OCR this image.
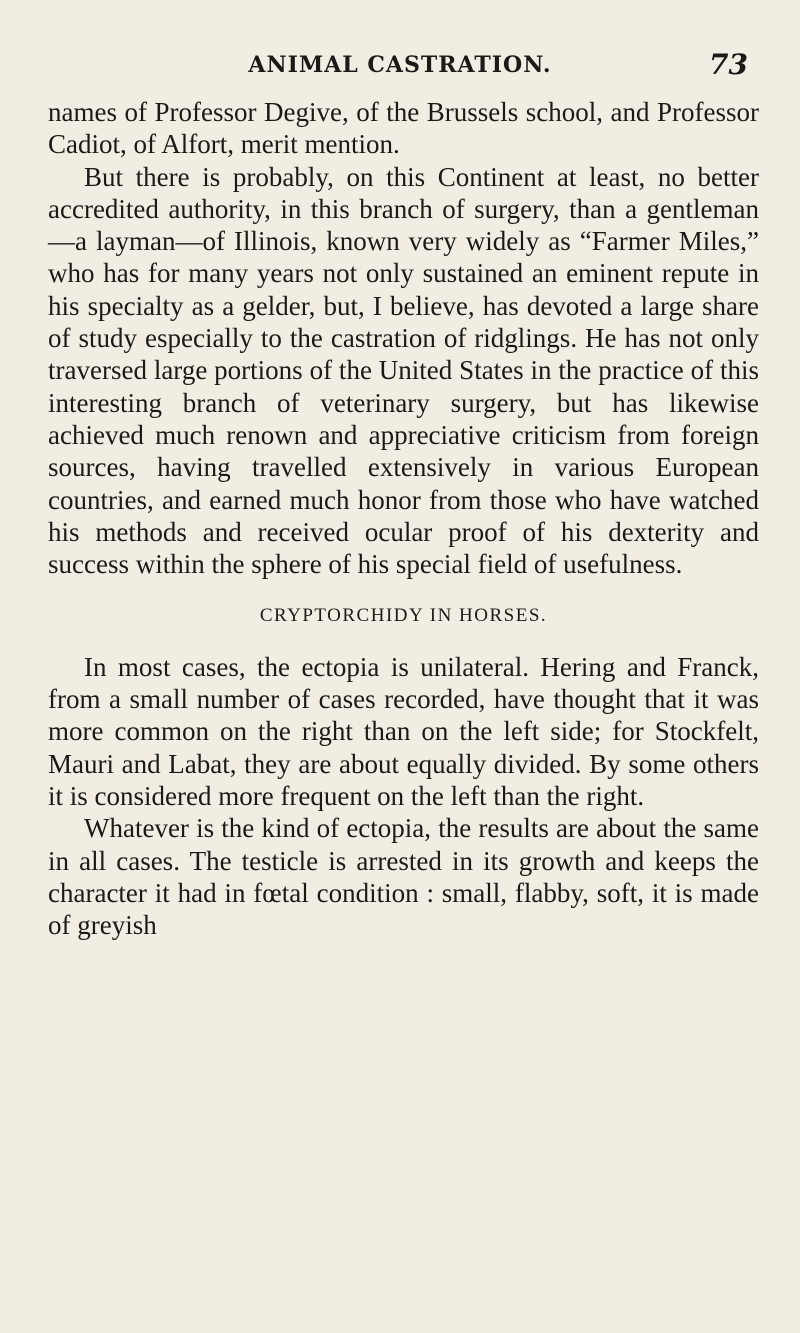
ANIMAL CASTRATION.	73

names of Professor Degive, of the Brussels school, and Professor Cadiot, of Alfort, merit mention.

But there is probably, on this Continent at least, no better accredited authority, in this branch of surgery, than a gentleman—a layman—of Illinois, known very widely as “Farmer Miles,” who has for many years not only sustained an eminent repute in his specialty as a gelder, but, I believe, has devoted a large share of study especially to the castration of ridglings. He has not only traversed large portions of the United States in the practice of this interesting branch of veterinary surgery, but has likewise achieved much renown and appreciative criticism from foreign sources, having travelled extensively in various European countries, and earned much honor from those who have watched his methods and received ocular proof of his dexterity and success within the sphere of his special field of usefulness.

CRYPTORCHIDY IN HORSES.

In most cases, the ectopia is unilateral. Hering and Franck, from a small number of cases recorded, have thought that it was more common on the right than on the left side; for Stockfelt, Mauri and Labat, they are about equally divided. By some others it is considered more frequent on the left than the right.

Whatever is the kind of ectopia, the results are about the same in all cases. The testicle is arrested in its growth and keeps the character it had in fœtal condition : small, flabby, soft, it is made of greyish
